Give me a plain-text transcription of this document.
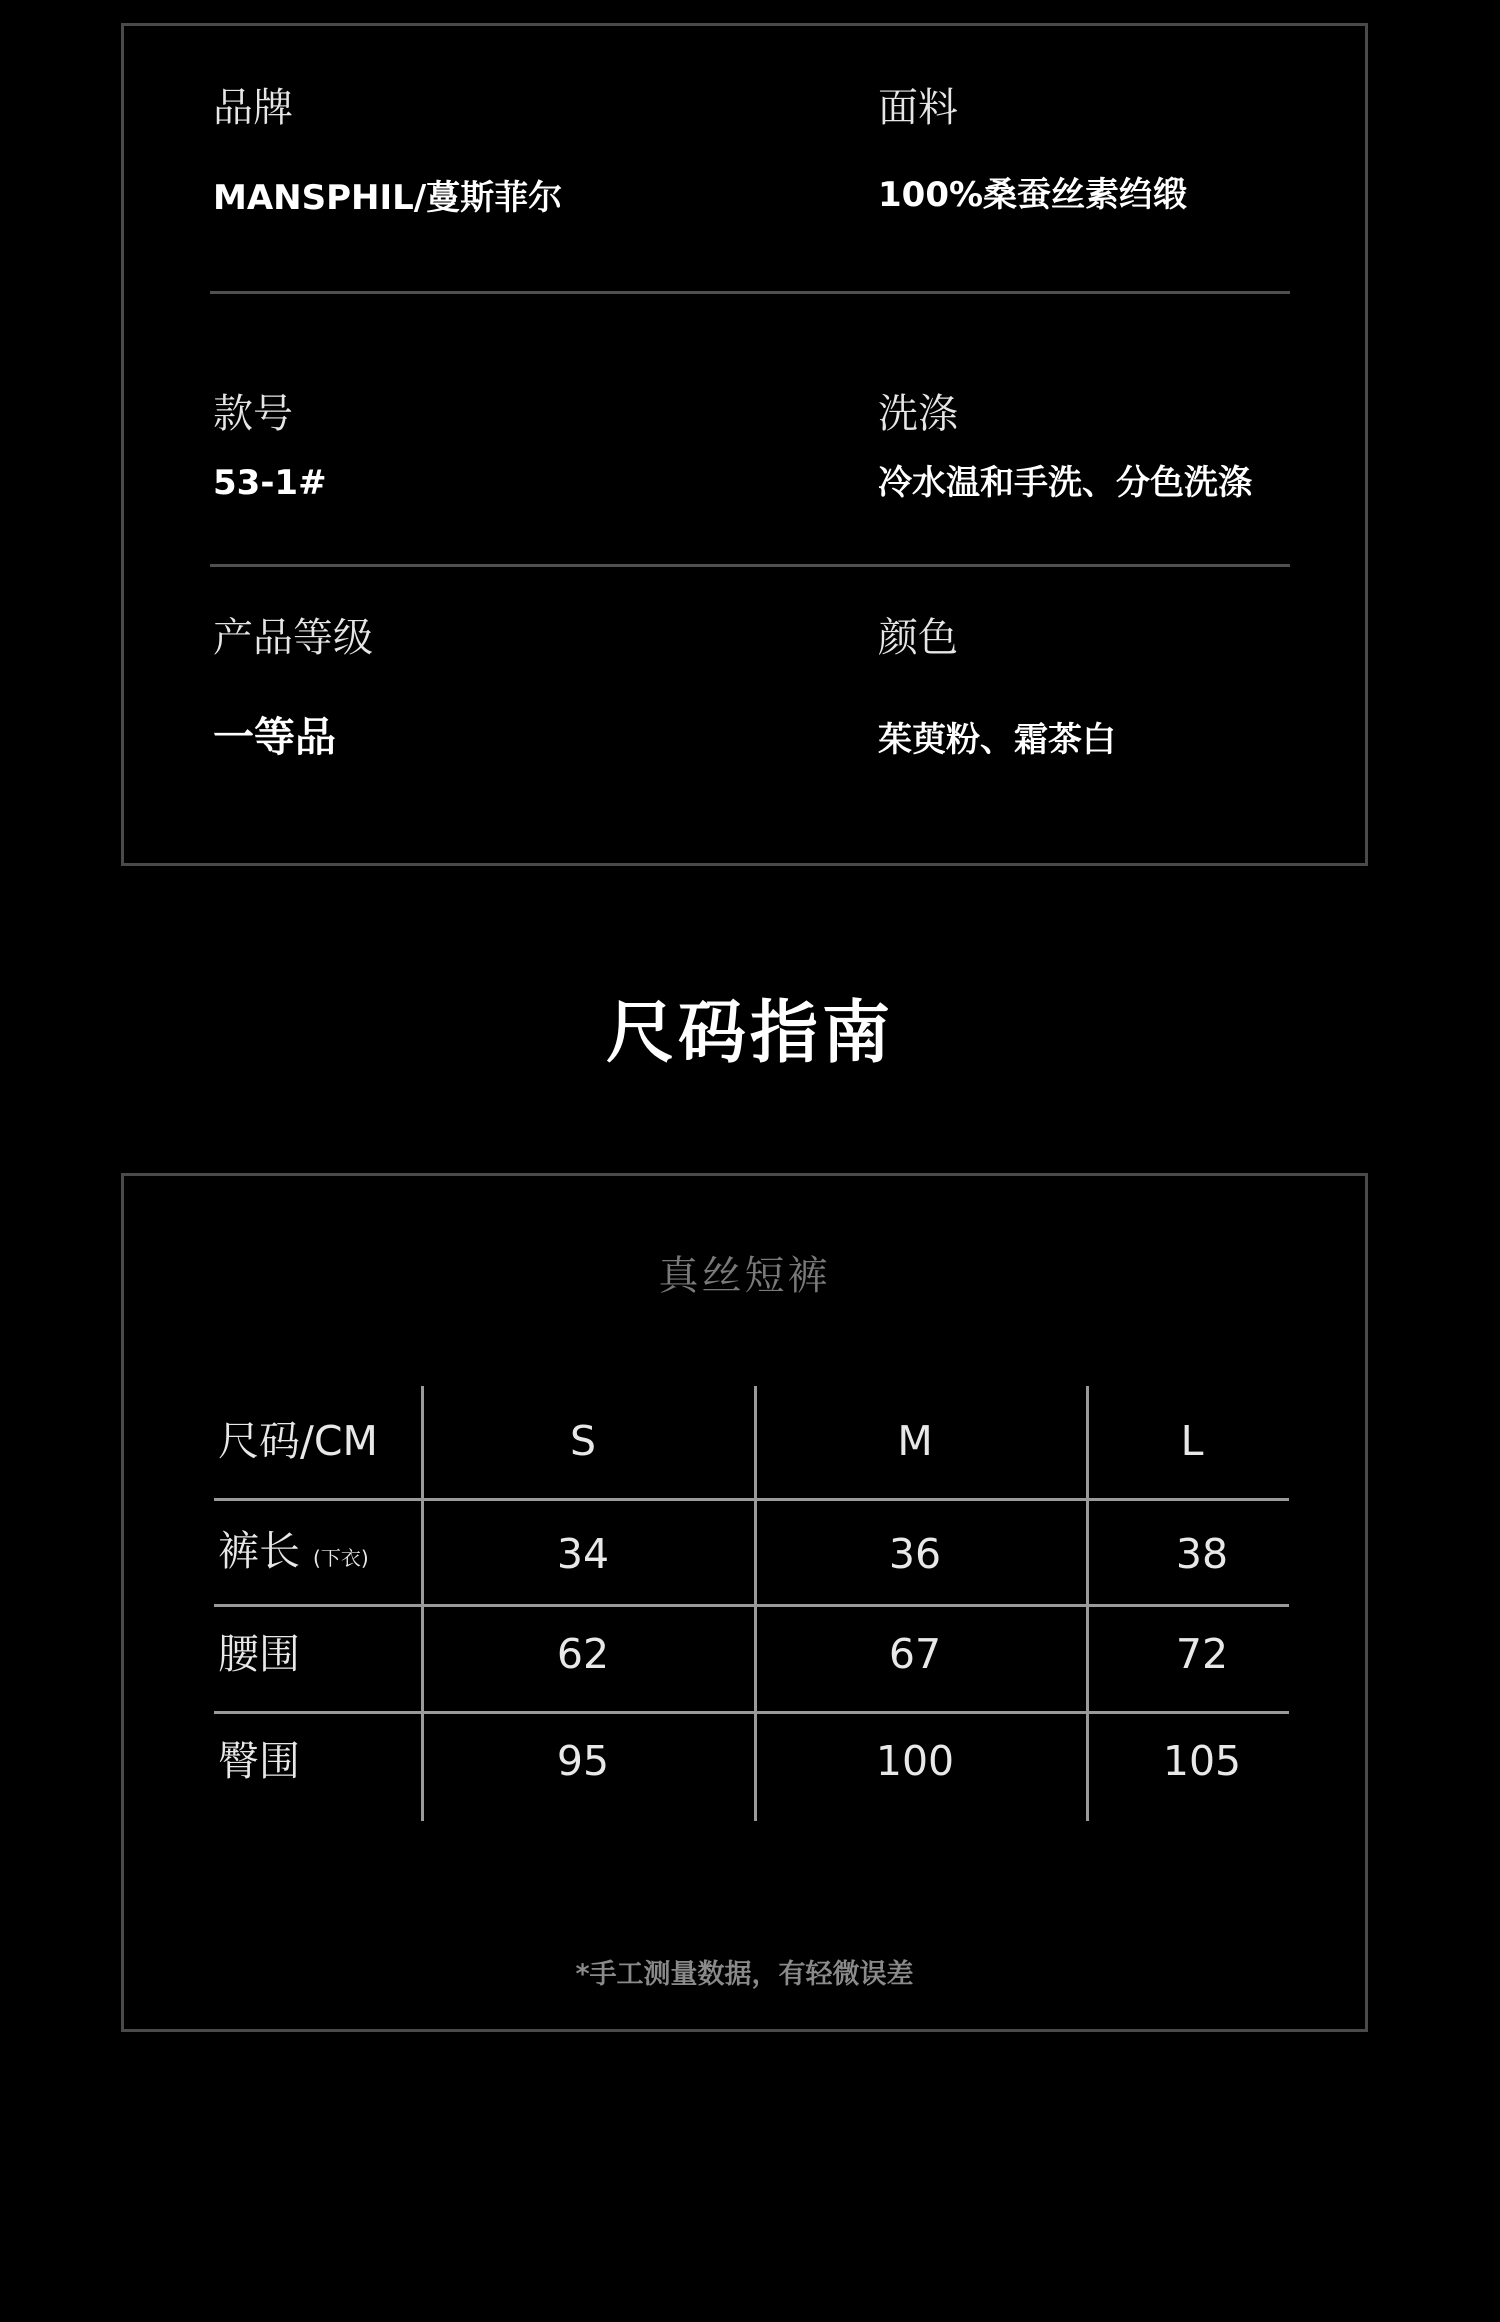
品牌
MANSPHIL/蔓斯菲尔
面料
100%桑蚕丝素绉缎
款号
53-1#
洗涤
冷水温和手洗、分色洗涤
产品等级
一等品
颜色
茱萸粉、霜茶白
尺码指南
真丝短裤
尺码/CM	S	M	L
裤长 (下衣)	34	36	38
腰围	62	67	72
臀围	95	100	105
*手工测量数据，有轻微误差
